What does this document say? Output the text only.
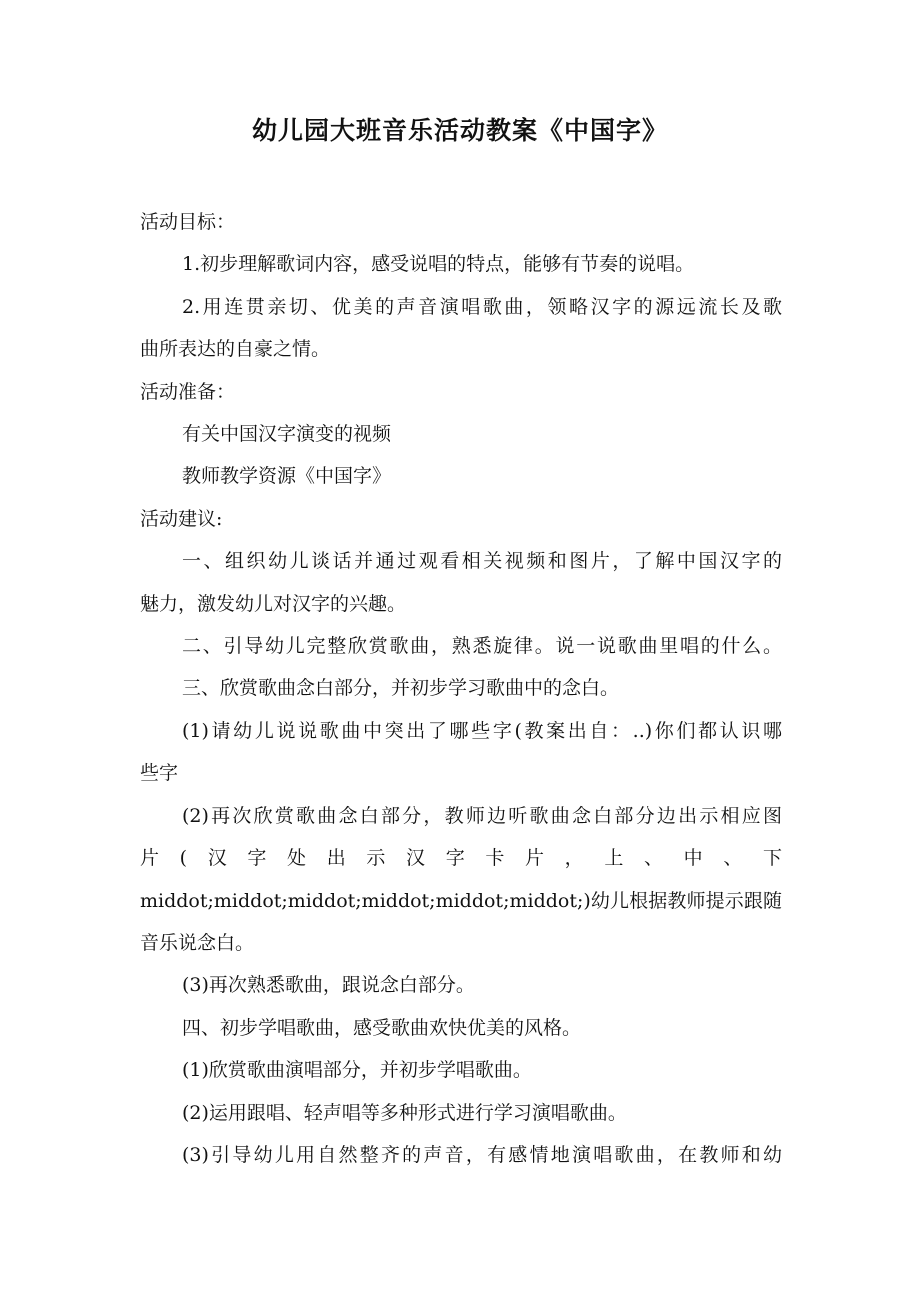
幼儿园大班音乐活动教案《中国字》

活动目标：

1.初步理解歌词内容，感受说唱的特点，能够有节奏的说唱。

2.用连贯亲切、优美的声音演唱歌曲，领略汉字的源远流长及歌

曲所表达的自豪之情。

活动准备：

有关中国汉字演变的视频

教师教学资源《中国字》

活动建议:

一、组织幼儿谈话并通过观看相关视频和图片，了解中国汉字的

魅力，激发幼儿对汉字的兴趣。

二、引导幼儿完整欣赏歌曲，熟悉旋律。说一说歌曲里唱的什么。

三、欣赏歌曲念白部分，并初步学习歌曲中的念白。

(1)请幼儿说说歌曲中突出了哪些字(教案出自：..)你们都认识哪

些字

(2)再次欣赏歌曲念白部分，教师边听歌曲念白部分边出示相应图

片(汉字处出示汉字卡片，上、中、下

middot;middot;middot;middot;middot;middot;)幼儿根据教师提示跟随

音乐说念白。

(3)再次熟悉歌曲，跟说念白部分。

四、初步学唱歌曲，感受歌曲欢快优美的风格。

(1)欣赏歌曲演唱部分，并初步学唱歌曲。

(2)运用跟唱、轻声唱等多种形式进行学习演唱歌曲。

(3)引导幼儿用自然整齐的声音，有感情地演唱歌曲，在教师和幼
